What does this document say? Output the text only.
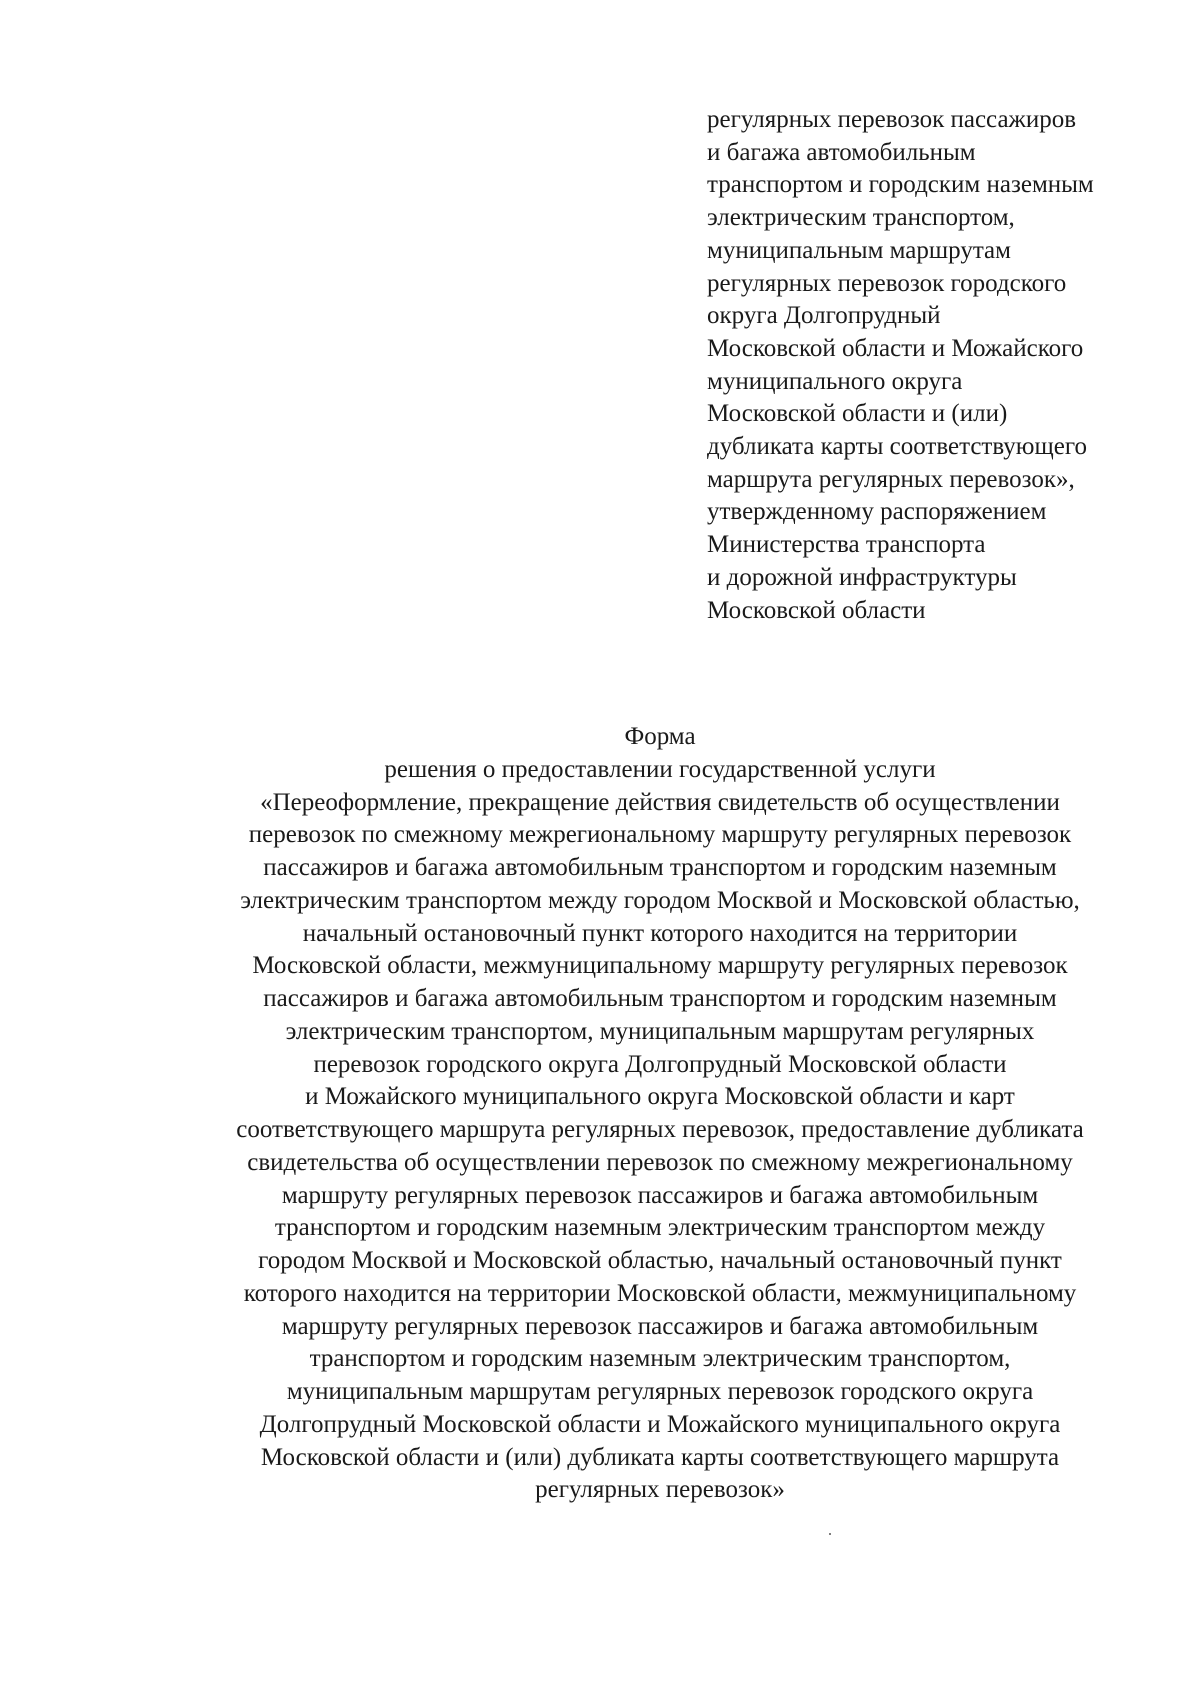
регулярных перевозок пассажиров
и багажа автомобильным
транспортом и городским наземным
электрическим транспортом,
муниципальным маршрутам
регулярных перевозок городского
округа Долгопрудный
Московской области и Можайского
муниципального округа
Московской области и (или)
дубликата карты соответствующего
маршрута регулярных перевозок»,
утвержденному распоряжением
Министерства транспорта
и дорожной инфраструктуры
Московской области
Форма
решения о предоставлении государственной услуги
«Переоформление, прекращение действия свидетельств об осуществлении
перевозок по смежному межрегиональному маршруту регулярных перевозок
пассажиров и багажа автомобильным транспортом и городским наземным
электрическим транспортом между городом Москвой и Московской областью,
начальный остановочный пункт которого находится на территории
Московской области, межмуниципальному маршруту регулярных перевозок
пассажиров и багажа автомобильным транспортом и городским наземным
электрическим транспортом, муниципальным маршрутам регулярных
перевозок городского округа Долгопрудный Московской области
и Можайского муниципального округа Московской области и карт
соответствующего маршрута регулярных перевозок, предоставление дубликата
свидетельства об осуществлении перевозок по смежному межрегиональному
маршруту регулярных перевозок пассажиров и багажа автомобильным
транспортом и городским наземным электрическим транспортом между
городом Москвой и Московской областью, начальный остановочный пункт
которого находится на территории Московской области, межмуниципальному
маршруту регулярных перевозок пассажиров и багажа автомобильным
транспортом и городским наземным электрическим транспортом,
муниципальным маршрутам регулярных перевозок городского округа
Долгопрудный Московской области и Можайского муниципального округа
Московской области и (или) дубликата карты соответствующего маршрута
регулярных перевозок»
